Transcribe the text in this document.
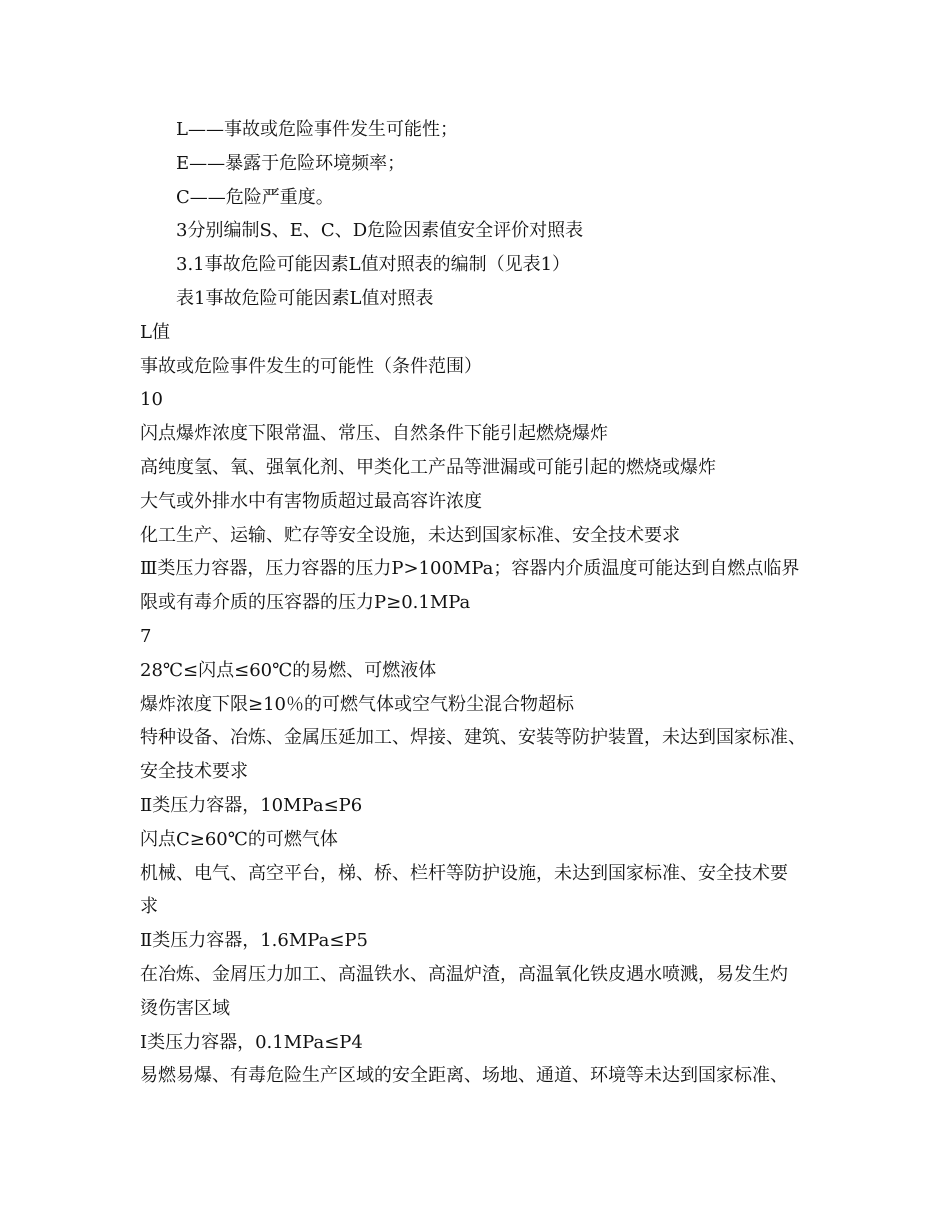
L——事故或危险事件发生可能性；
E——暴露于危险环境频率；
C——危险严重度。
3分别编制S、E、C、D危险因素值安全评价对照表
3.1事故危险可能因素L值对照表的编制（见表1）
表1事故危险可能因素L值对照表
L值
事故或危险事件发生的可能性（条件范围）
10
闪点爆炸浓度下限常温、常压、自然条件下能引起燃烧爆炸
高纯度氢、氧、强氧化剂、甲类化工产品等泄漏或可能引起的燃烧或爆炸
大气或外排水中有害物质超过最高容许浓度
化工生产、运输、贮存等安全设施，未达到国家标准、安全技术要求
Ⅲ类压力容器，压力容器的压力P>100MPa；容器内介质温度可能达到自燃点临界
限或有毒介质的压容器的压力P≥0.1MPa
7
28℃≤闪点≤60℃的易燃、可燃液体
爆炸浓度下限≥10％的可燃气体或空气粉尘混合物超标
特种设备、冶炼、金属压延加工、焊接、建筑、安装等防护装置，未达到国家标准、
安全技术要求
Ⅱ类压力容器，10MPa≤P6
闪点C≥60℃的可燃气体
机械、电气、高空平台，梯、桥、栏杆等防护设施，未达到国家标准、安全技术要
求
Ⅱ类压力容器，1.6MPa≤P5
在冶炼、金屑压力加工、高温铁水、高温炉渣，高温氧化铁皮遇水喷溅，易发生灼
烫伤害区域
Ⅰ类压力容器，0.1MPa≤P4
易燃易爆、有毒危险生产区域的安全距离、场地、通道、环境等未达到国家标准、
